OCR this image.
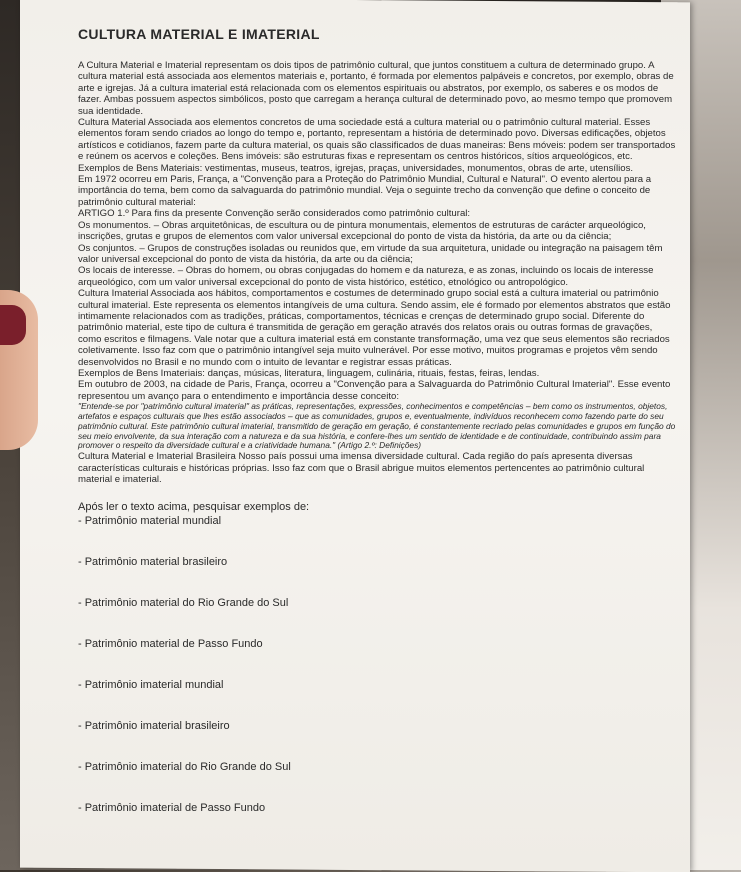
CULTURA MATERIAL E IMATERIAL

A Cultura Material e Imaterial representam os dois tipos de patrimônio cultural, que juntos constituem a cultura de determinado grupo. A cultura material está associada aos elementos materiais e, portanto, é formada por elementos palpáveis e concretos, por exemplo, obras de arte e igrejas. Já a cultura imaterial está relacionada com os elementos espirituais ou abstratos, por exemplo, os saberes e os modos de fazer. Ambas possuem aspectos simbólicos, posto que carregam a herança cultural de determinado povo, ao mesmo tempo que promovem sua identidade.

Cultura Material Associada aos elementos concretos de uma sociedade está a cultura material ou o patrimônio cultural material. Esses elementos foram sendo criados ao longo do tempo e, portanto, representam a história de determinado povo. Diversas edificações, objetos artísticos e cotidianos, fazem parte da cultura material, os quais são classificados de duas maneiras: Bens móveis: podem ser transportados e reúnem os acervos e coleções. Bens imóveis: são estruturas fixas e representam os centros históricos, sítios arqueológicos, etc.

Exemplos de Bens Materiais: vestimentas, museus, teatros, igrejas, praças, universidades, monumentos, obras de arte, utensílios.

Em 1972 ocorreu em Paris, França, a "Convenção para a Proteção do Patrimônio Mundial, Cultural e Natural". O evento alertou para a importância do tema, bem como da salvaguarda do patrimônio mundial. Veja o seguinte trecho da convenção que define o conceito de patrimônio cultural material:

ARTIGO 1.º Para fins da presente Convenção serão considerados como patrimônio cultural:

Os monumentos. – Obras arquitetônicas, de escultura ou de pintura monumentais, elementos de estruturas de carácter arqueológico, inscrições, grutas e grupos de elementos com valor universal excepcional do ponto de vista da história, da arte ou da ciência;

Os conjuntos. – Grupos de construções isoladas ou reunidos que, em virtude da sua arquitetura, unidade ou integração na paisagem têm valor universal excepcional do ponto de vista da história, da arte ou da ciência;

Os locais de interesse. – Obras do homem, ou obras conjugadas do homem e da natureza, e as zonas, incluindo os locais de interesse arqueológico, com um valor universal excepcional do ponto de vista histórico, estético, etnológico ou antropológico.

Cultura Imaterial Associada aos hábitos, comportamentos e costumes de determinado grupo social está a cultura imaterial ou patrimônio cultural imaterial. Este representa os elementos intangíveis de uma cultura. Sendo assim, ele é formado por elementos abstratos que estão intimamente relacionados com as tradições, práticas, comportamentos, técnicas e crenças de determinado grupo social. Diferente do patrimônio material, este tipo de cultura é transmitida de geração em geração através dos relatos orais ou outras formas de gravações, como escritos e filmagens. Vale notar que a cultura imaterial está em constante transformação, uma vez que seus elementos são recriados coletivamente. Isso faz com que o patrimônio intangível seja muito vulnerável. Por esse motivo, muitos programas e projetos vêm sendo desenvolvidos no Brasil e no mundo com o intuito de levantar e registrar essas práticas.

Exemplos de Bens Imateriais: danças, músicas, literatura, linguagem, culinária, rituais, festas, feiras, lendas.

Em outubro de 2003, na cidade de Paris, França, ocorreu a "Convenção para a Salvaguarda do Patrimônio Cultural Imaterial". Esse evento representou um avanço para o entendimento e importância desse conceito:

"Entende-se por "patrimônio cultural imaterial" as práticas, representações, expressões, conhecimentos e competências – bem como os instrumentos, objetos, artefatos e espaços culturais que lhes estão associados – que as comunidades, grupos e, eventualmente, indivíduos reconhecem como fazendo parte do seu patrimônio cultural. Este patrimônio cultural imaterial, transmitido de geração em geração, é constantemente recriado pelas comunidades e grupos em função do seu meio envolvente, da sua interação com a natureza e da sua história, e confere-lhes um sentido de identidade e de continuidade, contribuindo assim para promover o respeito da diversidade cultural e a criatividade humana." (Artigo 2.º: Definições)

Cultura Material e Imaterial Brasileira Nosso país possui uma imensa diversidade cultural. Cada região do país apresenta diversas características culturais e históricas próprias. Isso faz com que o Brasil abrigue muitos elementos pertencentes ao patrimônio cultural material e imaterial.

Após ler o texto acima, pesquisar exemplos de:

- Patrimônio material mundial

- Patrimônio material brasileiro

- Patrimônio material do Rio Grande do Sul

- Patrimônio material de Passo Fundo

- Patrimônio imaterial mundial

- Patrimônio imaterial brasileiro

- Patrimônio imaterial do Rio Grande do Sul

- Patrimônio imaterial de Passo Fundo
